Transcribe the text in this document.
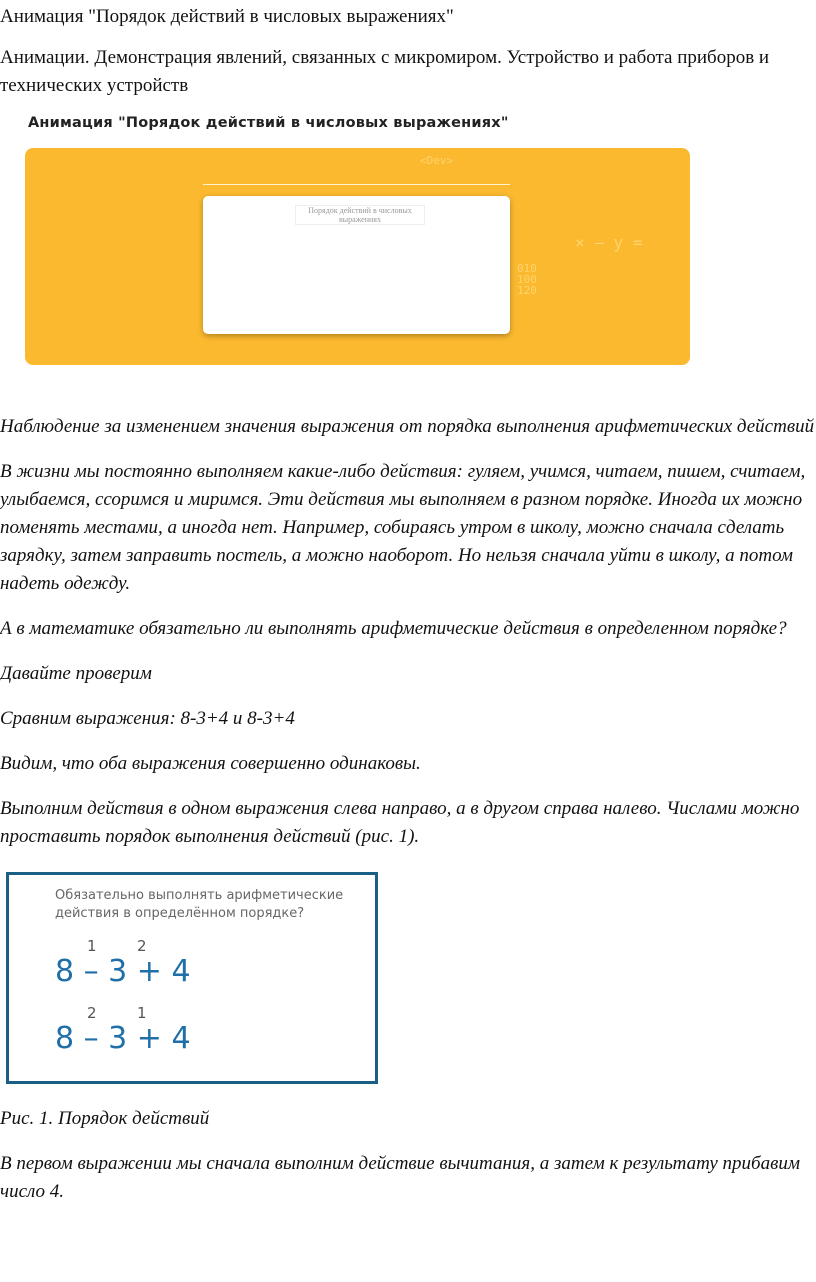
Анимация "Порядок действий в числовых выражениях"

Анимации. Демонстрация явлений, связанных с микромиром. Устройство и работа приборов и технических устройств

Анимация "Порядок действий в числовых выражениях"
<Dev>
010
100
120
× – y =
Порядок действий в числовых выражениях

Наблюдение за изменением значения выражения от порядка выполнения арифметических действий

В жизни мы постоянно выполняем какие-либо действия: гуляем, учимся, читаем, пишем, считаем, улыбаемся, ссоримся и миримся. Эти действия мы выполняем в разном порядке. Иногда их можно поменять местами, а иногда нет. Например, собираясь утром в школу, можно сначала сделать зарядку, затем заправить постель, а можно наоборот. Но нельзя сначала уйти в школу, а потом надеть одежду.

А в математике обязательно ли выполнять арифметические действия в определенном порядке?

Давайте проверим

Сравним выражения: 8-3+4 и 8-3+4

Видим, что оба выражения совершенно одинаковы.

Выполним действия в одном выражения слева направо, а в другом справа налево. Числами можно проставить порядок выполнения действий (рис. 1).

Обязательно выполнять арифметические действия в определённом порядке?
1	2
8 – 3 + 4
2	1
8 – 3 + 4

Рис. 1. Порядок действий

В первом выражении мы сначала выполним действие вычитания, а затем к результату прибавим число 4.
